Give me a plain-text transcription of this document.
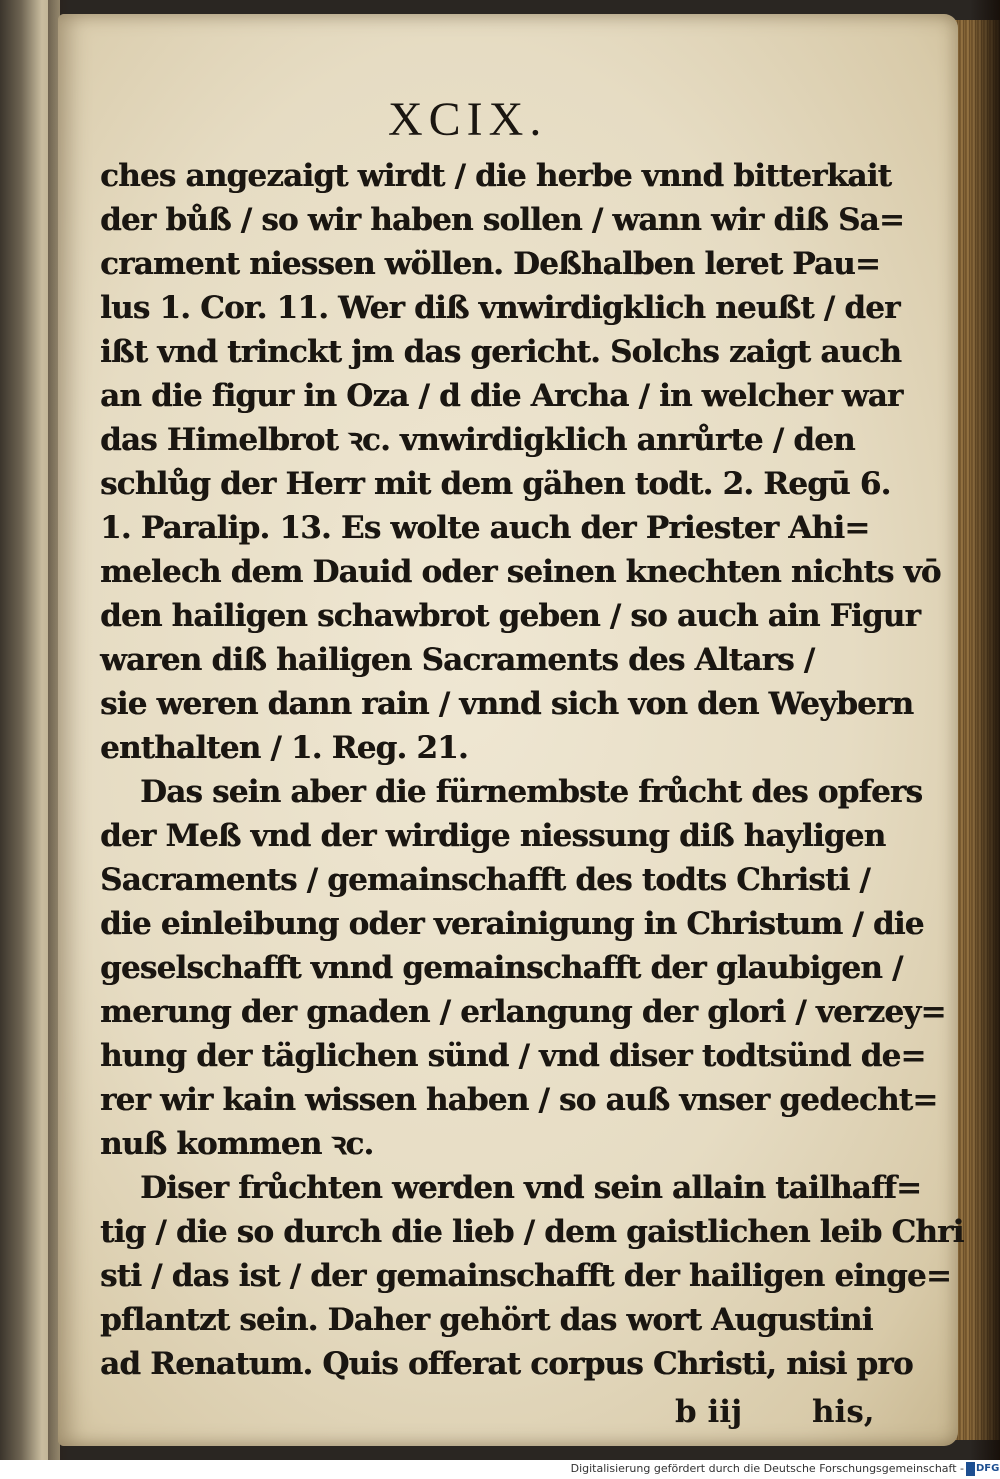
XCIX.
ches angezaigt wirdt / die herbe vnnd bitterkait
der bůß / so wir haben sollen / wann wir diß Sa=
crament niessen wöllen. Deßhalben leret Pau=
lus 1. Cor. 11. Wer diß vnwirdigklich neußt / der
ißt vnd trinckt jm das gericht. Solchs zaigt auch
an die figur in Oza / d die Archa / in welcher war
das Himelbrot ꝛc. vnwirdigklich anrůrte / den
schlůg der Herr mit dem gähen todt. 2. Regū 6.
1. Paralip. 13. Es wolte auch der Priester Ahi=
melech dem Dauid oder seinen knechten nichts vō
den hailigen schawbrot geben / so auch ain Figur
waren diß hailigen Sacraments des Altars /
sie weren dann rain / vnnd sich von den Weybern
enthalten / 1. Reg. 21.
Das sein aber die fürnembste frůcht des opfers
der Meß vnd der wirdige niessung diß hayligen
Sacraments / gemainschafft des todts Christi /
die einleibung oder verainigung in Christum / die
geselschafft vnnd gemainschafft der glaubigen /
merung der gnaden / erlangung der glori / verzey=
hung der täglichen sünd / vnd diser todtsünd de=
rer wir kain wissen haben / so auß vnser gedecht=
nuß kommen ꝛc.
Diser frůchten werden vnd sein allain tailhaff=
tig / die so durch die lieb / dem gaistlichen leib Chri
sti / das ist / der gemainschafft der hailigen einge=
pflantzt sein. Daher gehört das wort Augustini
ad Renatum. Quis offerat corpus Christi, nisi pro
b iij his,
Digitalisierung gefördert durch die Deutsche Forschungsgemeinschaft - DFG
